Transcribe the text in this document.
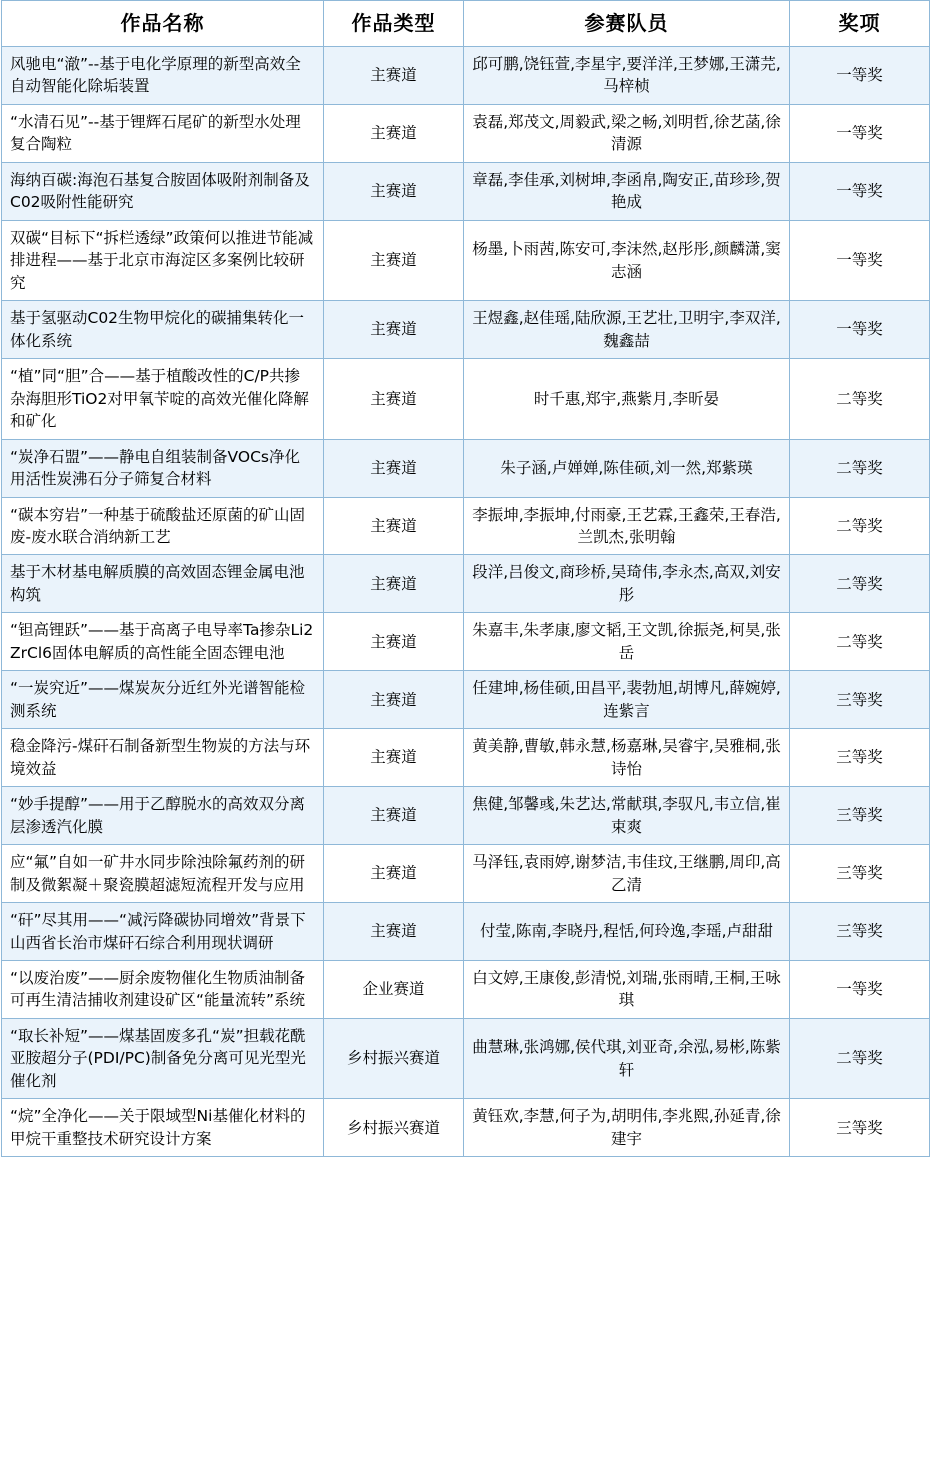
作品名称	作品类型	参赛队员	奖项
风驰电“澈”--基于电化学原理的新型高效全自动智能化除垢装置	主赛道	邱可鹏,饶钰萱,李星宇,要洋洋,王梦娜,王潇芫,马梓桢	一等奖
“水清石见”--基于锂辉石尾矿的新型水处理复合陶粒	主赛道	袁磊,郑茂文,周毅武,梁之畅,刘明哲,徐艺菡,徐清源	一等奖
海纳百碳:海泡石基复合胺固体吸附剂制备及C02吸附性能研究	主赛道	章磊,李佳承,刘树坤,李函帛,陶安正,苗珍珍,贺艳成	一等奖
双碳“目标下“拆栏透绿”政策何以推进节能减排进程——基于北京市海淀区多案例比较研究	主赛道	杨墨,卜雨茜,陈安可,李沫然,赵彤彤,颜麟潇,窦志涵	一等奖
基于氢驱动C02生物甲烷化的碳捕集转化一体化系统	主赛道	王煜鑫,赵佳瑶,陆欣源,王艺壮,卫明宇,李双洋,魏鑫喆	一等奖
“植”同“胆”合——基于植酸改性的C/P共掺杂海胆形TiO2对甲氧苄啶的高效光催化降解和矿化	主赛道	时千惠,郑宇,燕紫月,李昕晏	二等奖
“炭净石盟”——静电自组装制备VOCs净化用活性炭沸石分子筛复合材料	主赛道	朱子涵,卢婵婵,陈佳硕,刘一然,郑紫瑛	二等奖
“碳本穷岩”一种基于硫酸盐还原菌的矿山固废-废水联合消纳新工艺	主赛道	李振坤,李振坤,付雨豪,王艺霖,王鑫荣,王春浩,兰凯杰,张明翰	二等奖
基于木材基电解质膜的高效固态锂金属电池构筑	主赛道	段洋,吕俊文,商珍桥,吴琦伟,李永杰,高双,刘安彤	二等奖
“钽高锂跃”——基于高离子电导率Ta掺杂Li2ZrCl6固体电解质的高性能全固态锂电池	主赛道	朱嘉丰,朱孝康,廖文韬,王文凯,徐振尧,柯昊,张岳	二等奖
“一炭究近”——煤炭灰分近红外光谱智能检测系统	主赛道	任建坤,杨佳硕,田昌平,裴勃旭,胡博凡,薛婉婷,连紫言	三等奖
稳金降污-煤矸石制备新型生物炭的方法与环境效益	主赛道	黄美静,曹敏,韩永慧,杨嘉琳,吴睿宇,吴雅桐,张诗怡	三等奖
“妙手提醇”——用于乙醇脱水的高效双分离层渗透汽化膜	主赛道	焦健,邹馨彧,朱艺达,常献琪,李驭凡,韦立信,崔束爽	三等奖
应“氟”自如一矿井水同步除浊除氟药剂的研制及微絮凝＋聚瓷膜超滤短流程开发与应用	主赛道	马泽钰,袁雨婷,谢梦洁,韦佳玟,王继鹏,周印,高乙清	三等奖
“矸”尽其用——“减污降碳协同增效”背景下山西省长治市煤矸石综合利用现状调研	主赛道	付莹,陈南,李晓丹,程恬,何玲逸,李瑶,卢甜甜	三等奖
“以废治废”——厨余废物催化生物质油制备可再生清洁捕收剂建设矿区“能量流转”系统	企业赛道	白文婷,王康俊,彭清悦,刘瑞,张雨晴,王桐,王咏琪	一等奖
“取长补短”——煤基固废多孔“炭”担载花酰亚胺超分子(PDI/PC)制备免分离可见光型光催化剂	乡村振兴赛道	曲慧琳,张鸿娜,侯代琪,刘亚奇,余泓,易彬,陈紫轩	二等奖
“烷”全净化——关于限域型Ni基催化材料的甲烷干重整技术研究设计方案	乡村振兴赛道	黄钰欢,李慧,何子为,胡明伟,李兆熙,孙延青,徐建宇	三等奖
